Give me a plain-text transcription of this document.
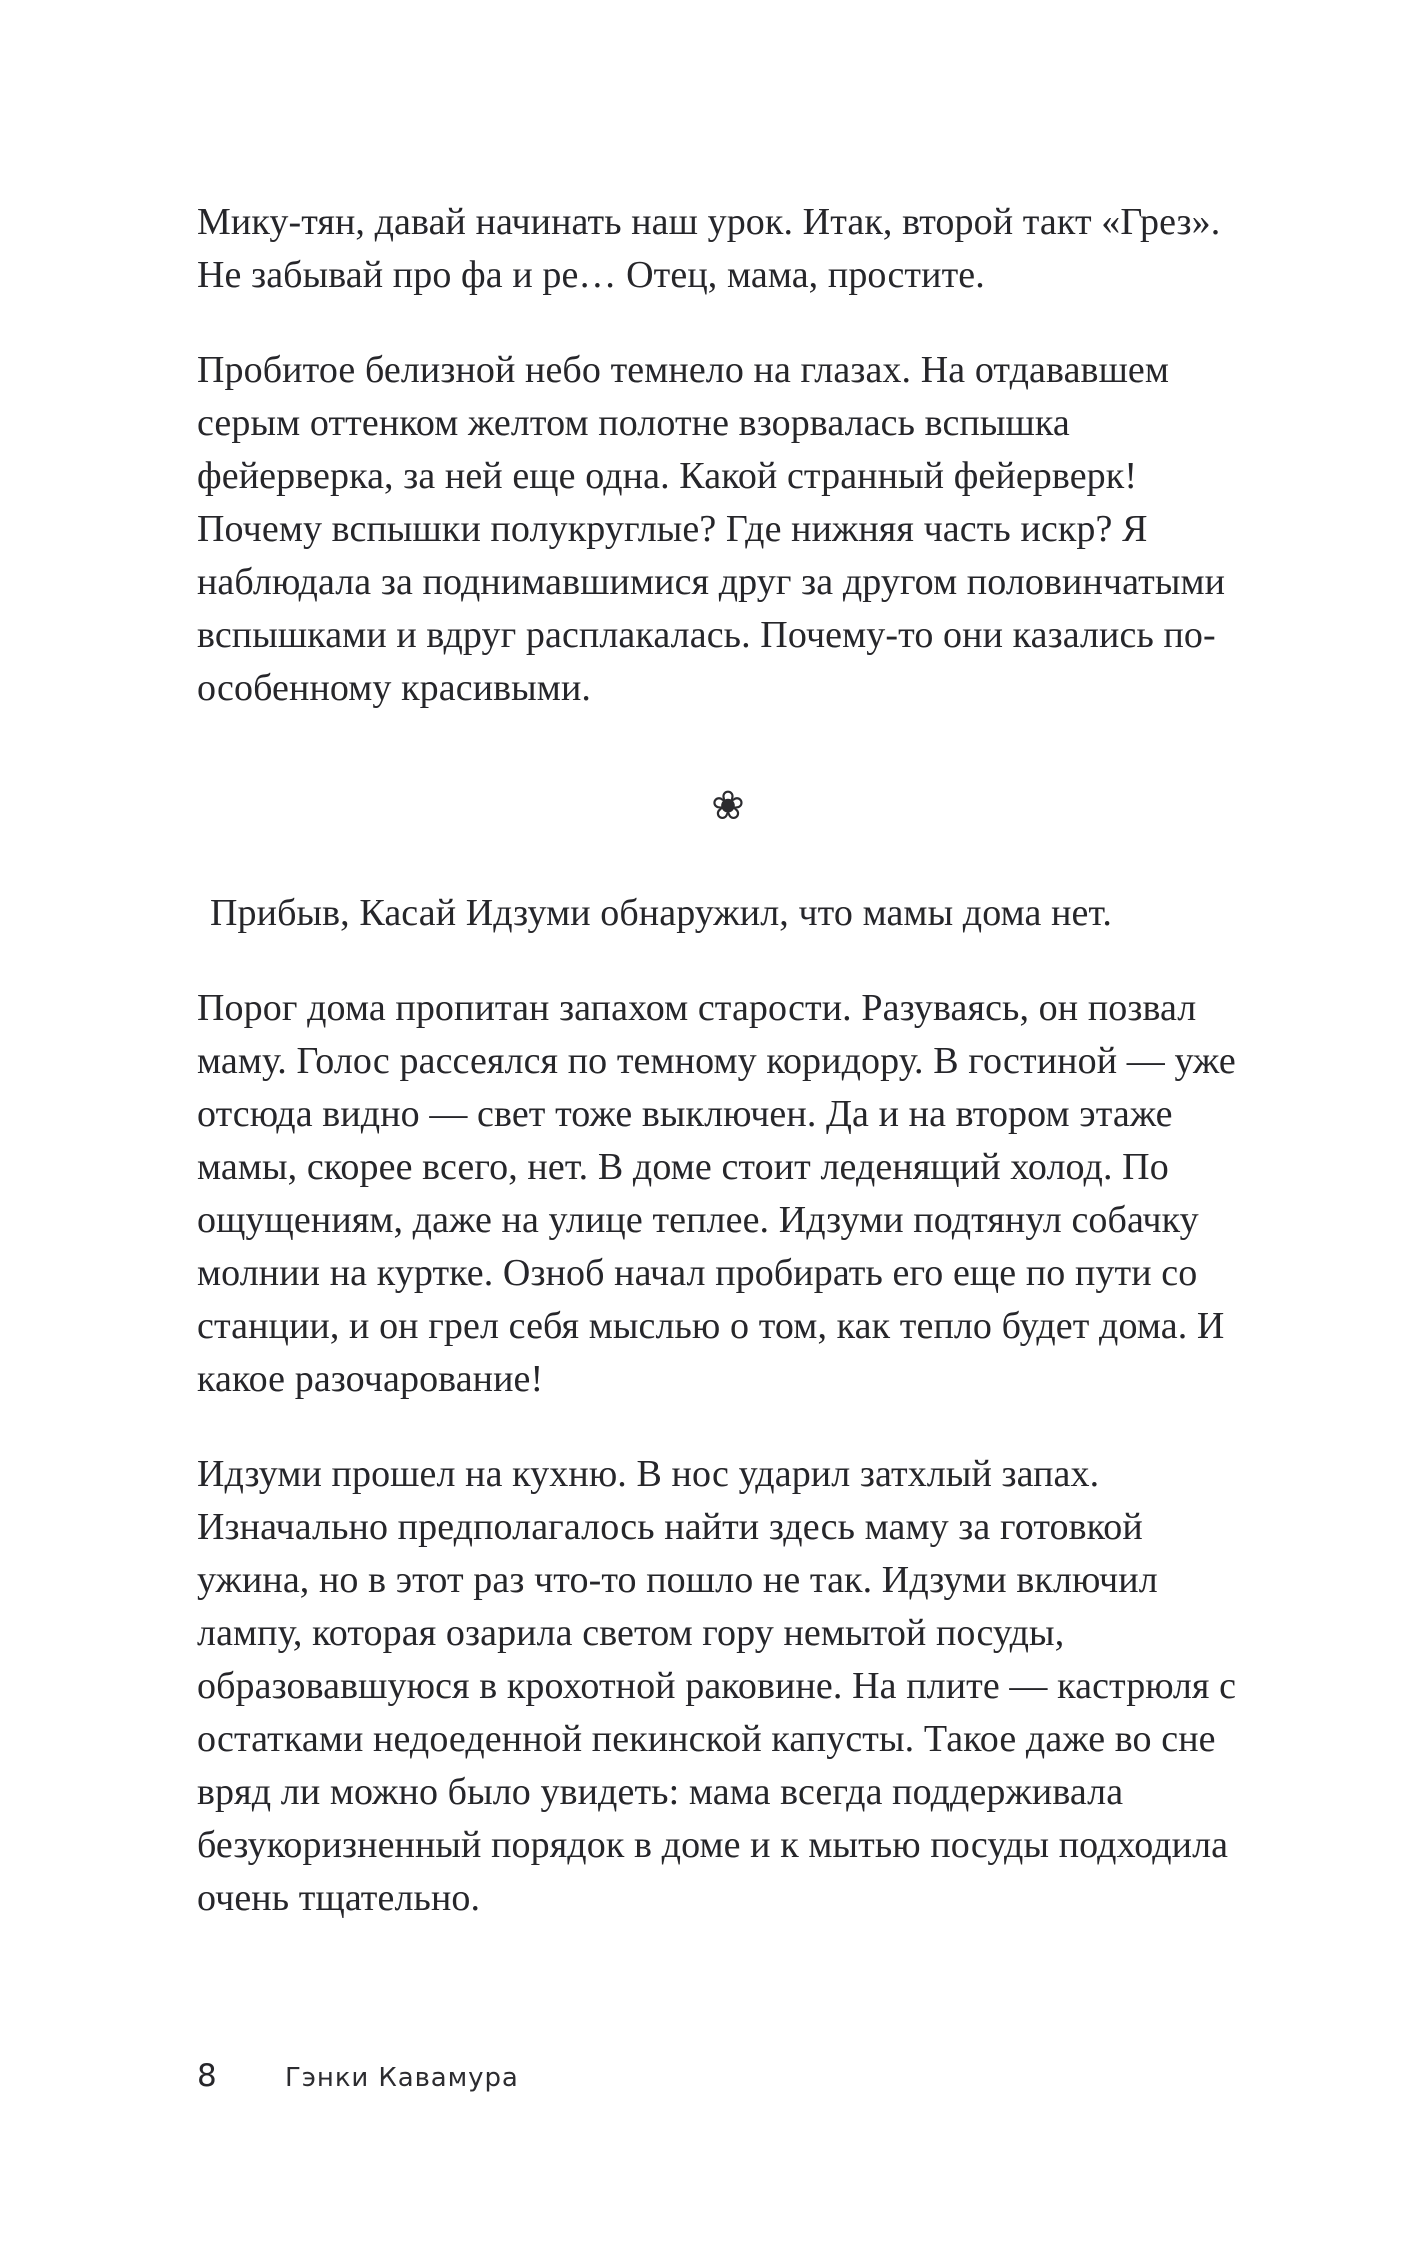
Мику-тян, давай начинать наш урок. Итак, второй такт «Грез». Не забывай про фа и ре… Отец, мама, простите.

Пробитое белизной небо темнело на глазах. На отдававшем серым оттенком желтом полотне взорвалась вспышка фейерверка, за ней еще одна. Какой странный фейерверк! Почему вспышки полукруглые? Где нижняя часть искр? Я наблюдала за поднимавшимися друг за другом половинчатыми вспышками и вдруг расплакалась. Почему-то они казались по-особенному красивыми.

❀

Прибыв, Касай Идзуми обнаружил, что мамы дома нет.

Порог дома пропитан запахом старости. Разуваясь, он позвал маму. Голос рассеялся по темному коридору. В гостиной — уже отсюда видно — свет тоже выключен. Да и на втором этаже мамы, скорее всего, нет. В доме стоит леденящий холод. По ощущениям, даже на улице теплее. Идзуми подтянул собачку молнии на куртке. Озноб начал пробирать его еще по пути со станции, и он грел себя мыслью о том, как тепло будет дома. И какое разочарование!

Идзуми прошел на кухню. В нос ударил затхлый запах. Изначально предполагалось найти здесь маму за готовкой ужина, но в этот раз что-то пошло не так. Идзуми включил лампу, которая озарила светом гору немытой посуды, образовавшуюся в крохотной раковине. На плите — кастрюля с остатками недоеденной пекинской капусты. Такое даже во сне вряд ли можно было увидеть: мама всегда поддерживала безукоризненный порядок в доме и к мытью посуды подходила очень тщательно.

8	Гэнки Кавамура
